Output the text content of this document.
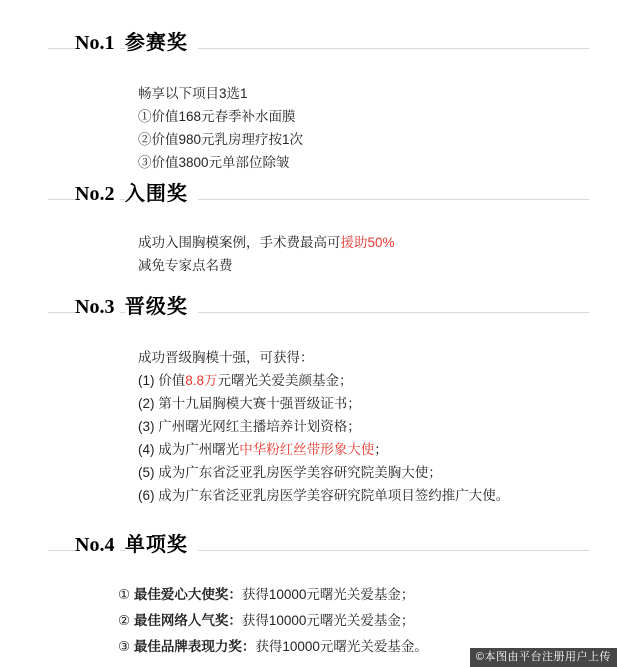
No.1 参赛奖
畅享以下项目3选1
①价值168元春季补水面膜
②价值980元乳房理疗按1次
③价值3800元单部位除皱
No.2 入围奖
成功入围胸模案例，手术费最高可援助50%
减免专家点名费
No.3 晋级奖
成功晋级胸模十强，可获得：
(1) 价值8.8万元曙光关爱美颜基金；
(2) 第十九届胸模大赛十强晋级证书；
(3) 广州曙光网红主播培养计划资格；
(4) 成为广州曙光中华粉红丝带形象大使；
(5) 成为广东省泛亚乳房医学美容研究院美胸大使；
(6) 成为广东省泛亚乳房医学美容研究院单项目签约推广大使。
No.4 单项奖
① 最佳爱心大使奖：获得10000元曙光关爱基金；
② 最佳网络人气奖：获得10000元曙光关爱基金；
③ 最佳品牌表现力奖：获得10000元曙光关爱基金。
©本图由平台注册用户上传
